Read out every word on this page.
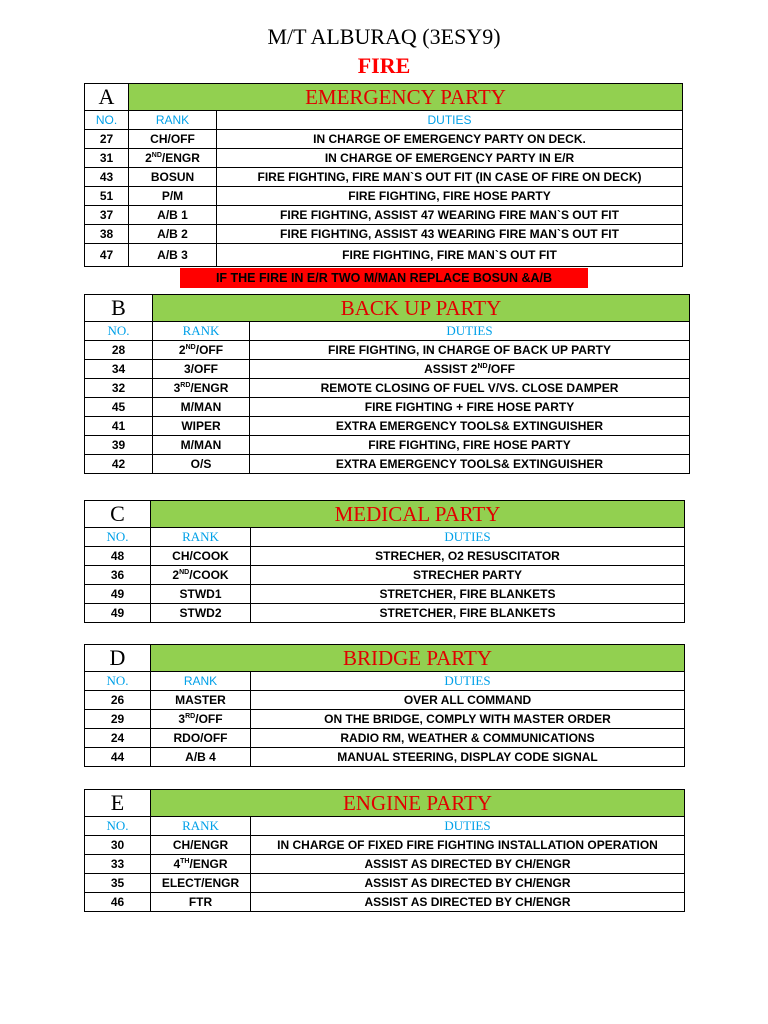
M/T ALBURAQ (3ESY9)
FIRE
A	EMERGENCY PARTY	
NO.	RANK	DUTIES
27	CH/OFF	IN CHARGE OF EMERGENCY PARTY ON DECK.
31	2ND/ENGR	IN CHARGE OF EMERGENCY PARTY IN E/R
43	BOSUN	FIRE FIGHTING, FIRE MAN`S OUT FIT (IN CASE OF FIRE ON DECK)
51	P/M	FIRE FIGHTING, FIRE HOSE PARTY
37	A/B 1	FIRE FIGHTING, ASSIST 47 WEARING FIRE MAN`S OUT FIT
38	A/B 2	FIRE FIGHTING, ASSIST 43 WEARING FIRE MAN`S OUT FIT
47	A/B 3	FIRE FIGHTING, FIRE MAN`S OUT FIT
IF THE FIRE IN E/R TWO M/MAN REPLACE BOSUN &A/B
B	BACK UP PARTY	
NO.	RANK	DUTIES
28	2ND/OFF	FIRE FIGHTING, IN CHARGE OF BACK UP PARTY
34	3/OFF	ASSIST 2ND/OFF
32	3RD/ENGR	REMOTE CLOSING OF FUEL V/VS. CLOSE DAMPER
45	M/MAN	FIRE FIGHTING + FIRE HOSE PARTY
41	WIPER	EXTRA EMERGENCY TOOLS& EXTINGUISHER
39	M/MAN	FIRE FIGHTING, FIRE HOSE PARTY
42	O/S	EXTRA EMERGENCY TOOLS& EXTINGUISHER
C	MEDICAL PARTY	
NO.	RANK	DUTIES
48	CH/COOK	STRECHER, O2 RESUSCITATOR
36	2ND/COOK	STRECHER PARTY
49	STWD1	STRETCHER, FIRE BLANKETS
49	STWD2	STRETCHER, FIRE BLANKETS
D	BRIDGE PARTY	
NO.	RANK	DUTIES
26	MASTER	OVER ALL COMMAND
29	3RD/OFF	ON THE BRIDGE, COMPLY WITH MASTER ORDER
24	RDO/OFF	RADIO RM, WEATHER & COMMUNICATIONS
44	A/B 4	MANUAL STEERING, DISPLAY CODE SIGNAL
E	ENGINE PARTY	
NO.	RANK	DUTIES
30	CH/ENGR	IN CHARGE OF FIXED FIRE FIGHTING INSTALLATION OPERATION
33	4TH/ENGR	ASSIST AS DIRECTED BY CH/ENGR
35	ELECT/ENGR	ASSIST AS DIRECTED BY CH/ENGR
46	FTR	ASSIST AS DIRECTED BY CH/ENGR
